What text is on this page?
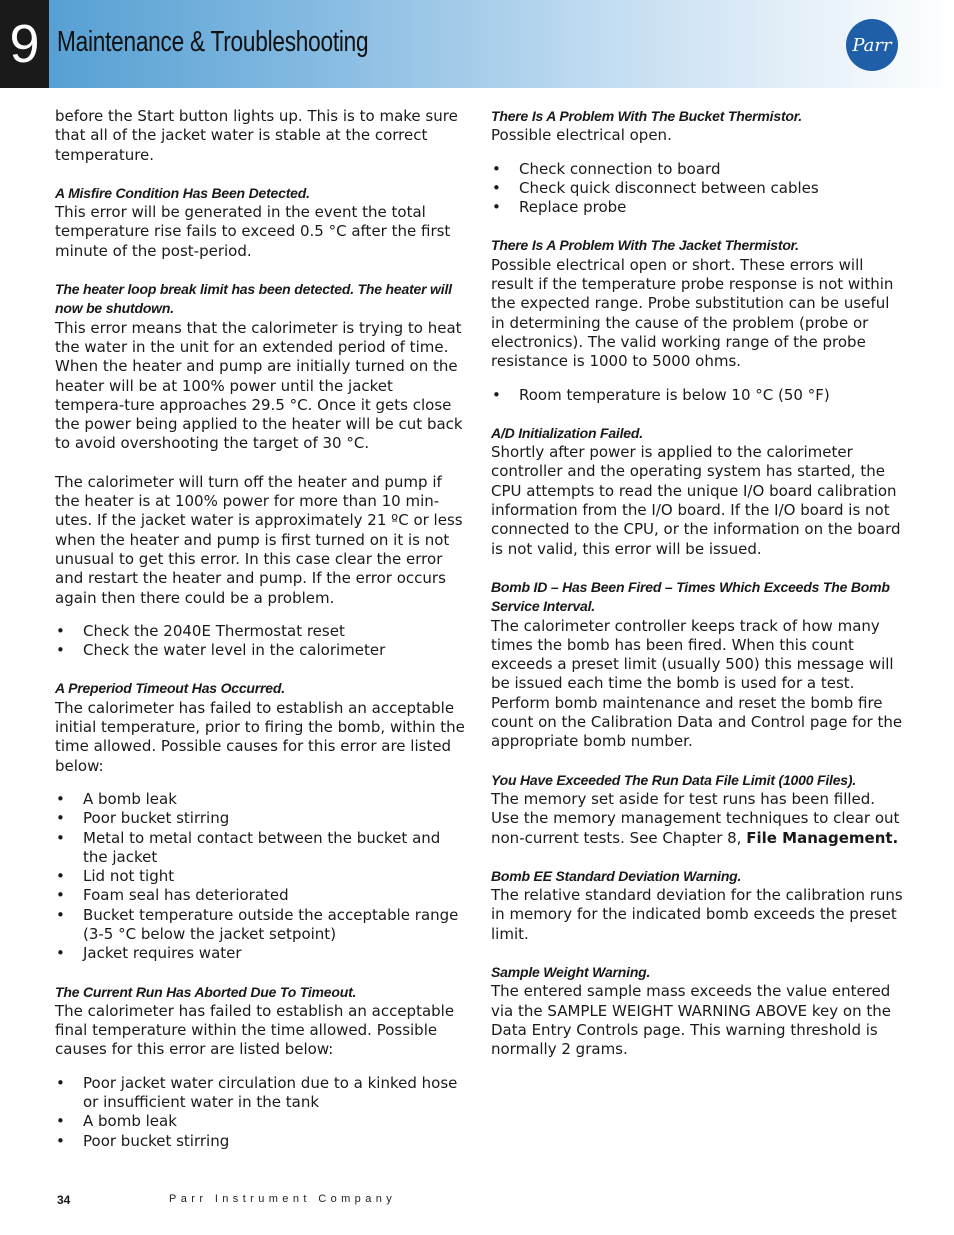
9 Maintenance & Troubleshooting	Parr

before the Start button lights up. This is to make sure that all of the jacket water is stable at the correct temperature.

A Misfire Condition Has Been Detected.

This error will be generated in the event the total temperature rise fails to exceed 0.5 °C after the first minute of the post-period.

The heater loop break limit has been detected. The heater will now be shutdown.

This error means that the calorimeter is trying to heat the water in the unit for an extended period of time. When the heater and pump are initially turned on the heater will be at 100% power until the jacket tempera-ture approaches 29.5 °C. Once it gets close the power being applied to the heater will be cut back to avoid overshooting the target of 30 °C.

The calorimeter will turn off the heater and pump if the heater is at 100% power for more than 10 min-utes. If the jacket water is approximately 21 ºC or less when the heater and pump is first turned on it is not unusual to get this error. In this case clear the error and restart the heater and pump. If the error occurs again then there could be a problem.

• Check the 2040E Thermostat reset
• Check the water level in the calorimeter
A Preperiod Timeout Has Occurred.

The calorimeter has failed to establish an acceptable initial temperature, prior to firing the bomb, within the time allowed. Possible causes for this error are listed below:

• A bomb leak
• Poor bucket stirring
• Metal to metal contact between the bucket and the jacket
• Lid not tight
• Foam seal has deteriorated
• Bucket temperature outside the acceptable range (3-5 °C below the jacket setpoint)
• Jacket requires water
The Current Run Has Aborted Due To Timeout.

The calorimeter has failed to establish an acceptable final temperature within the time allowed. Possible causes for this error are listed below:

• Poor jacket water circulation due to a kinked hose or insufficient water in the tank
• A bomb leak
• Poor bucket stirring
There Is A Problem With The Bucket Thermistor.

Possible electrical open.

• Check connection to board
• Check quick disconnect between cables
• Replace probe
There Is A Problem With The Jacket Thermistor.

Possible electrical open or short. These errors will result if the temperature probe response is not within the expected range. Probe substitution can be useful in determining the cause of the problem (probe or electronics). The valid working range of the probe resistance is 1000 to 5000 ohms.

• Room temperature is below 10 °C (50 °F)
A/D Initialization Failed.

Shortly after power is applied to the calorimeter controller and the operating system has started, the CPU attempts to read the unique I/O board calibration information from the I/O board. If the I/O board is not connected to the CPU, or the information on the board is not valid, this error will be issued.

Bomb ID – Has Been Fired – Times Which Exceeds The Bomb Service Interval.

The calorimeter controller keeps track of how many times the bomb has been fired. When this count exceeds a preset limit (usually 500) this message will be issued each time the bomb is used for a test. Perform bomb maintenance and reset the bomb fire count on the Calibration Data and Control page for the appropriate bomb number.

You Have Exceeded The Run Data File Limit (1000 Files).

The memory set aside for test runs has been filled. Use the memory management techniques to clear out non-current tests. See Chapter 8, File Management.

Bomb EE Standard Deviation Warning.

The relative standard deviation for the calibration runs in memory for the indicated bomb exceeds the preset limit.

Sample Weight Warning.

The entered sample mass exceeds the value entered via the SAMPLE WEIGHT WARNING ABOVE key on the Data Entry Controls page. This warning threshold is normally 2 grams.

34	Parr Instrument Company
